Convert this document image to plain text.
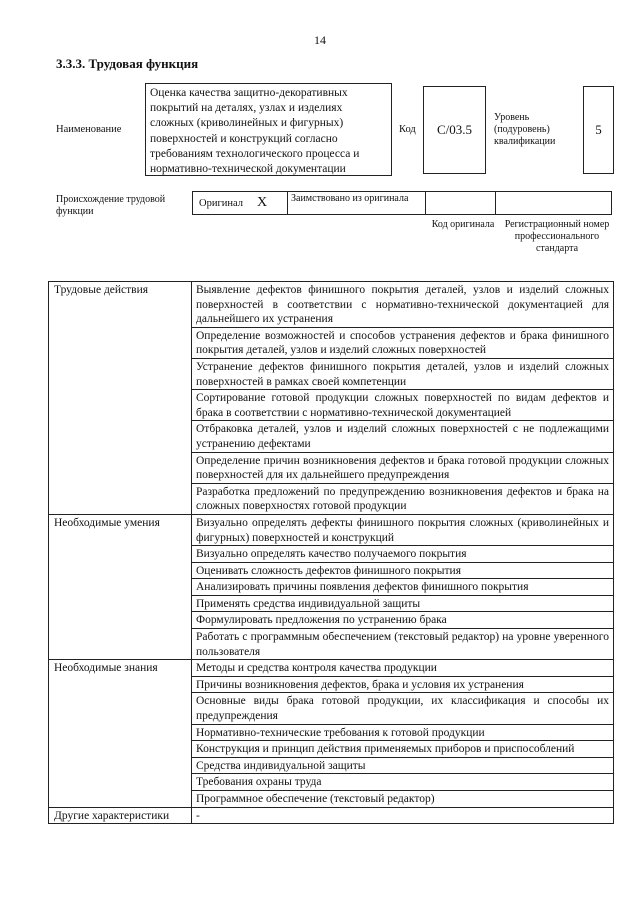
14
3.3.3. Трудовая функция
Наименование
Оценка качества защитно-декоративных покрытий на деталях, узлах и изделиях сложных (криволинейных и фигурных) поверхностей и конструкций согласно требованиям технологического процесса и нормативно-технической документации
Код	С/03.5
Уровень (подуровень) квалификации
5
Происхождение трудовой функции
Оригинал X	Заимствовано из оригинала
Код оригинала	Регистрационный номер профессионального стандарта
Трудовые действия	Выявление дефектов финишного покрытия деталей, узлов и изделий сложных поверхностей в соответствии с нормативно-технической документацией для дальнейшего их устранения
	Определение возможностей и способов устранения дефектов и брака финишного покрытия деталей, узлов и изделий сложных поверхностей
	Устранение дефектов финишного покрытия деталей, узлов и изделий сложных поверхностей в рамках своей компетенции
	Сортирование готовой продукции сложных поверхностей по видам дефектов и брака в соответствии с нормативно-технической документацией
	Отбраковка деталей, узлов и изделий сложных поверхностей с не подлежащими устранению дефектами
	Определение причин возникновения дефектов и брака готовой продукции сложных поверхностей для их дальнейшего предупреждения
	Разработка предложений по предупреждению возникновения дефектов и брака на сложных поверхностях готовой продукции
Необходимые умения	Визуально определять дефекты финишного покрытия сложных (криволинейных и фигурных) поверхностей и конструкций
	Визуально определять качество получаемого покрытия
	Оценивать сложность дефектов финишного покрытия
	Анализировать причины появления дефектов финишного покрытия
	Применять средства индивидуальной защиты
	Формулировать предложения по устранению брака
	Работать с программным обеспечением (текстовый редактор) на уровне уверенного пользователя
Необходимые знания	Методы и средства контроля качества продукции
	Причины возникновения дефектов, брака и условия их устранения
	Основные виды брака готовой продукции, их классификация и способы их предупреждения
	Нормативно-технические требования к готовой продукции
	Конструкция и принцип действия применяемых приборов и приспособлений
	Средства индивидуальной защиты
	Требования охраны труда
	Программное обеспечение (текстовый редактор)
Другие характеристики	-
